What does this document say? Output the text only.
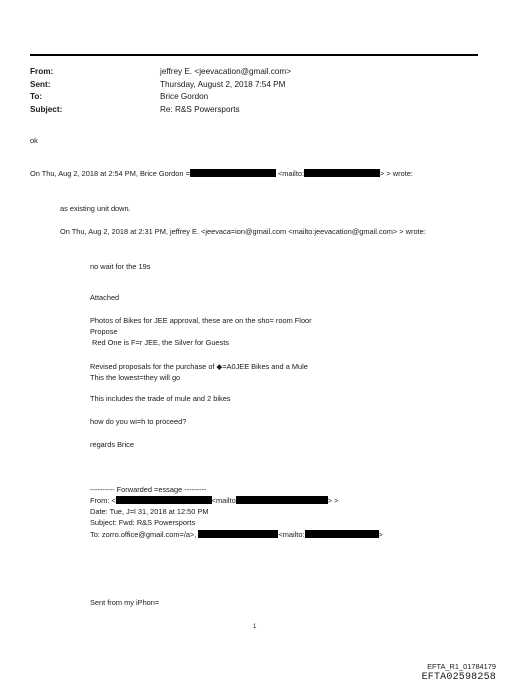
From:	jeffrey E. <jeevacation@gmail.com>
Sent:	Thursday, August 2, 2018 7:54 PM
To:	Brice Gordon
Subject:	Re: R&S Powersports
ok
On Thu, Aug 2, 2018 at 2:54 PM, Brice Gordon =	<mailto:	> > wrote:
as existing unit down.
On Thu, Aug 2, 2018 at 2:31 PM, jeffrey E. <jeevaca=ion@gmail.com <mailto:jeevacation@gmail.com> > wrote:
no wait for the 19s
Attached
Photos of Bikes for JEE approval, these are on the sho= room Floor
Propose
Red One is F=r JEE, the Silver for Guests
Revised proposals for the purchase of ◆=A0JEE Bikes and a Mule
This the lowest=they will go
This includes the trade of mule and 2 bikes
how do you wi=h to proceed?
regards Brice
---------- Forwarded =essage ---------
From: <	<mailto	> >
Date: Tue, J=l 31, 2018 at 12:50 PM
Subject: Fwd: R&S Powersports
To: zorro.office@gmail.com=/a>,	<mailto:	>
Sent from my iPhon=
1
EFTA_R1_01784179
EFTA02598258
